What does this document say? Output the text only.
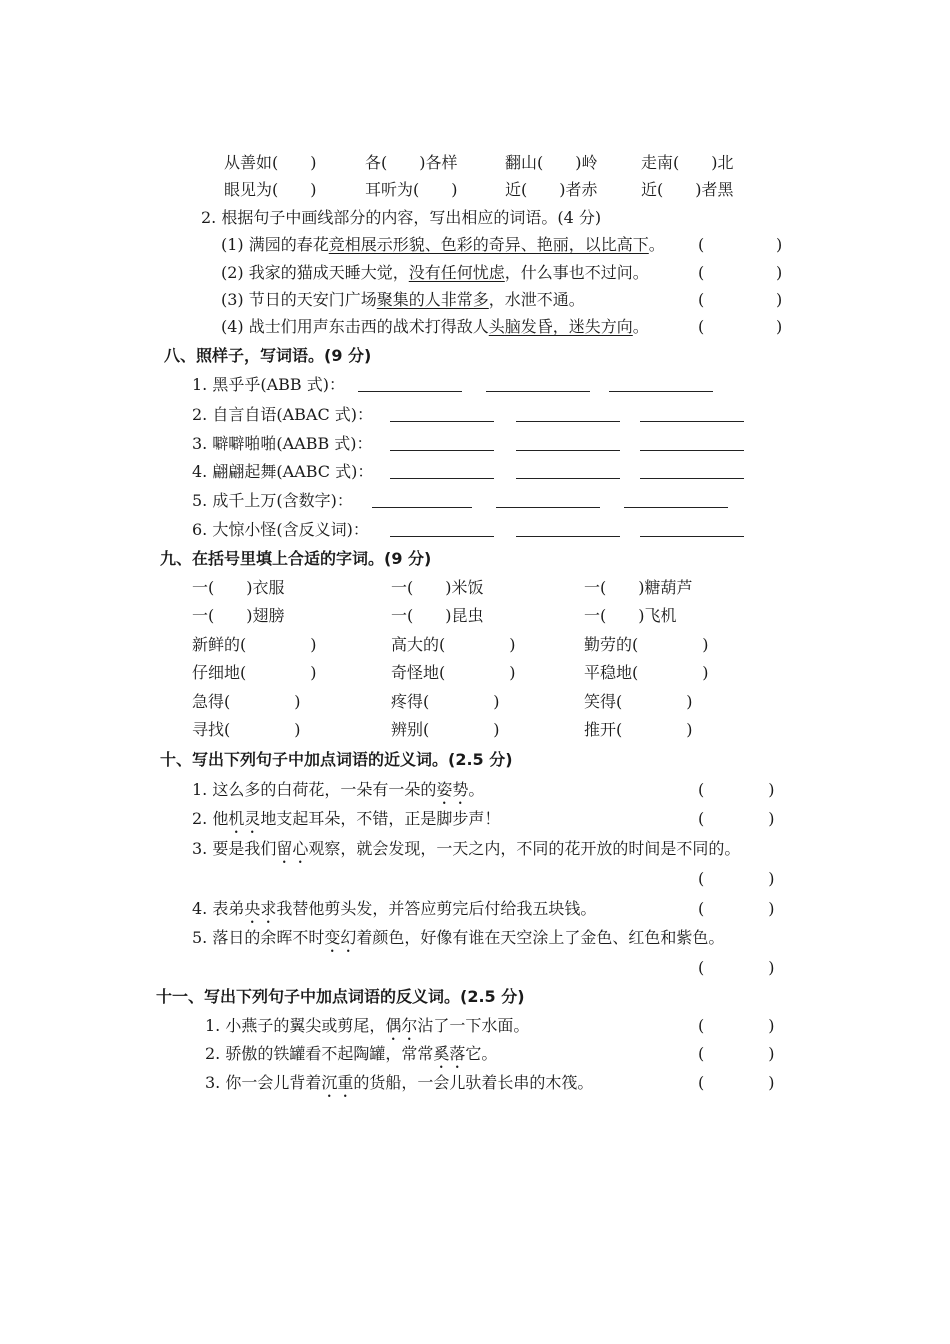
从善如(　　)	各(　　)各样	翻山(　　)岭	走南(　　)北
眼见为(　　)	耳听为(　　)	近(　　)者赤	近(　　)者黑
2. 根据句子中画线部分的内容，写出相应的词语。(4 分)
(1) 满园的春花竞相展示形貌、色彩的奇异、艳丽，以比高下。 (	)
(2) 我家的猫成天睡大觉，没有任何忧虑，什么事也不过问。	(	)
(3) 节日的天安门广场聚集的人非常多，水泄不通。	(	)
(4) 战士们用声东击西的战术打得敌人头脑发昏，迷失方向。	(	)
八、照样子，写词语。(9 分)
1. 黑乎乎(ABB 式)：
2. 自言自语(ABAC 式)：
3. 噼噼啪啪(AABB 式)：
4. 翩翩起舞(AABC 式)：
5. 成千上万(含数字)：
6. 大惊小怪(含反义词)：
九、在括号里填上合适的字词。(9 分)
一(　　)衣服	一(　　)米饭	一(　　)糖葫芦
一(　　)翅膀	一(　　)昆虫	一(　　)飞机
新鲜的(　　　　)	高大的(　　　　)	勤劳的(　　　　)
仔细地(　　　　)	奇怪地(　　　　)	平稳地(　　　　)
急得(　　　　)	疼得(　　　　)	笑得(　　　　)
寻找(　　　　)	辨别(　　　　)	推开(　　　　)
十、写出下列句子中加点词语的近义词。(2.5 分)
1. 这么多的白荷花，一朵有一朵的姿势。	(　　　　)
2. 他机灵地支起耳朵，不错，正是脚步声！	(　　　　)
3. 要是我们留心观察，就会发现，一天之内，不同的花开放的时间是不同的。
(　　　　)
4. 表弟央求我替他剪头发，并答应剪完后付给我五块钱。	(　　　　)
5. 落日的余晖不时变幻着颜色，好像有谁在天空涂上了金色、红色和紫色。
(　　　　)
十一、写出下列句子中加点词语的反义词。(2.5 分)
1. 小燕子的翼尖或剪尾，偶尔沾了一下水面。	(　　　　)
2. 骄傲的铁罐看不起陶罐，常常奚落它。	(　　　　)
3. 你一会儿背着沉重的货船，一会儿驮着长串的木筏。	(　　　　)
